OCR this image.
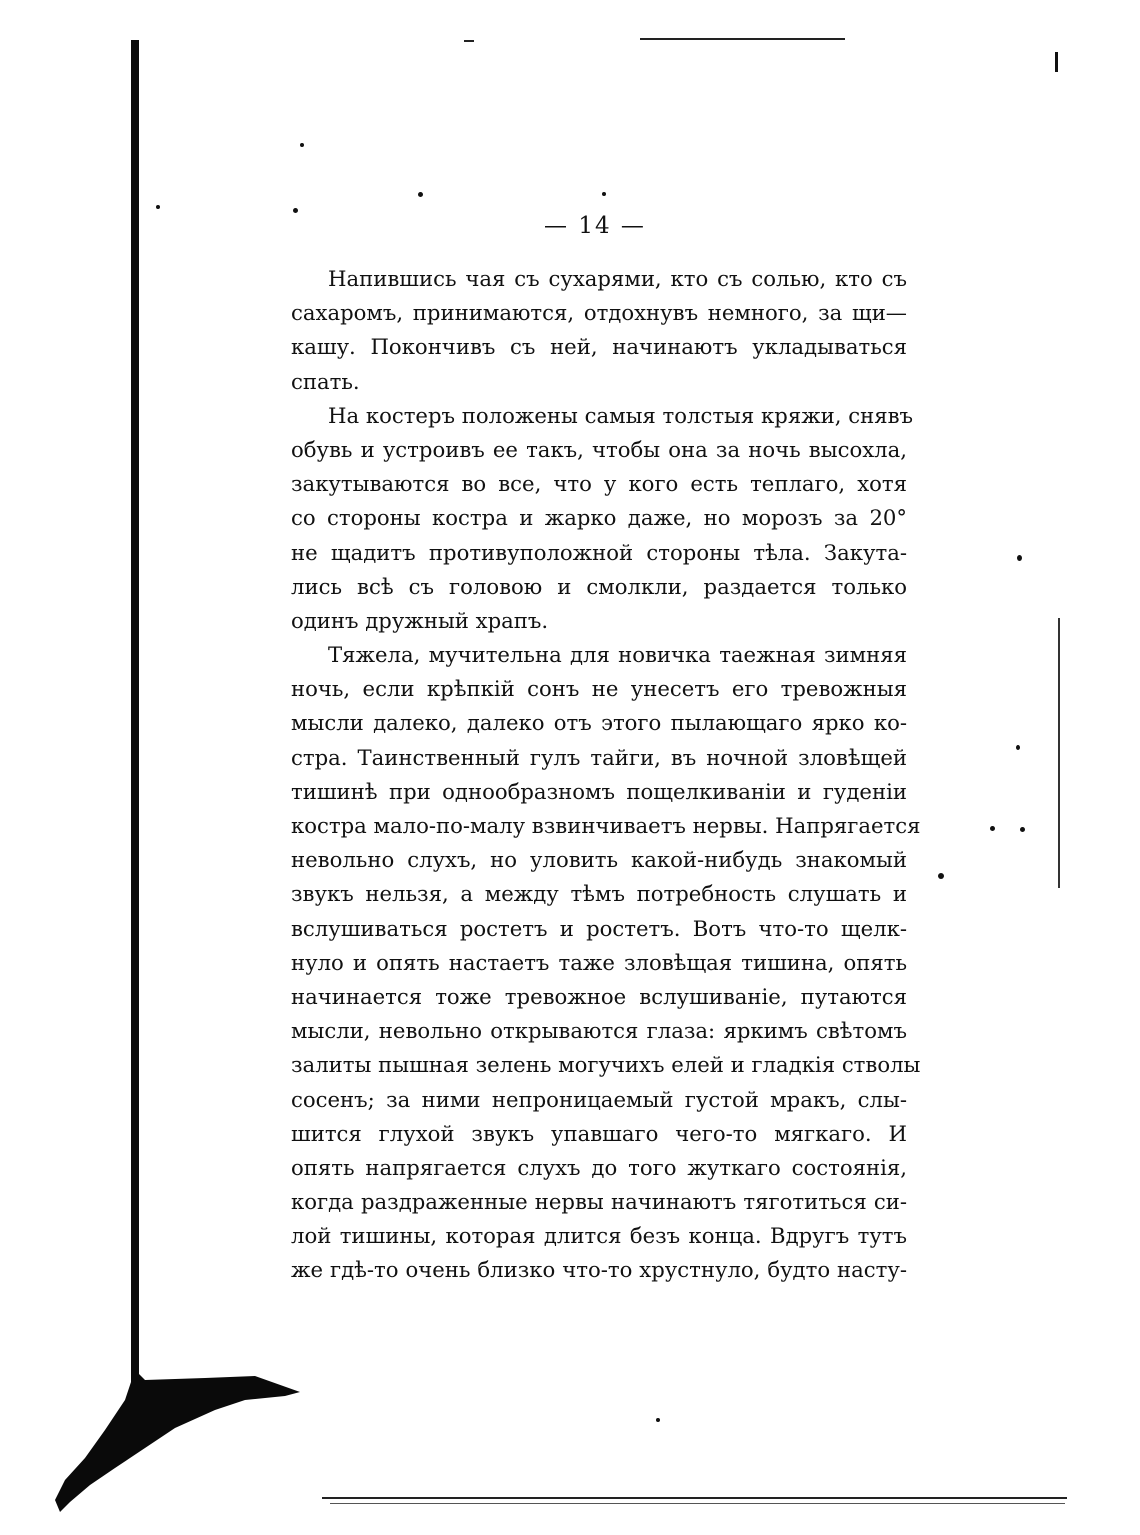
— 14 —
Напившись чая съ сухарями, кто съ солью, кто съ
сахаромъ, принимаются, отдохнувъ немного, за щи—
кашу. Покончивъ съ ней, начинаютъ укладываться
спать.
На костеръ положены самыя толстыя кряжи, снявъ
обувь и устроивъ ее такъ, чтобы она за ночь высохла,
закутываются во все, что у кого есть теплаго, хотя
со стороны костра и жарко даже, но морозъ за 20°
не щадитъ противуположной стороны тѣла. Закута-
лись всѣ съ головою и смолкли, раздается только
одинъ дружный храпъ.
Тяжела, мучительна для новичка таежная зимняя
ночь, если крѣпкій сонъ не унесетъ его тревожныя
мысли далеко, далеко отъ этого пылающаго ярко ко-
стра. Таинственный гулъ тайги, въ ночной зловѣщей
тишинѣ при однообразномъ пощелкиваніи и гуденіи
костра мало-по-малу взвинчиваетъ нервы. Напрягается
невольно слухъ, но уловить какой-нибудь знакомый
звукъ нельзя, а между тѣмъ потребность слушать и
вслушиваться ростетъ и ростетъ. Вотъ что-то щелк-
нуло и опять настаетъ таже зловѣщая тишина, опять
начинается тоже тревожное вслушиваніе, путаются
мысли, невольно открываются глаза: яркимъ свѣтомъ
залиты пышная зелень могучихъ елей и гладкія стволы
сосенъ; за ними непроницаемый густой мракъ, слы-
шится глухой звукъ упавшаго чего-то мягкаго. И
опять напрягается слухъ до того жуткаго состоянія,
когда раздраженные нервы начинаютъ тяготиться си-
лой тишины, которая длится безъ конца. Вдругъ тутъ
же гдѣ-то очень близко что-то хрустнуло, будто насту-
